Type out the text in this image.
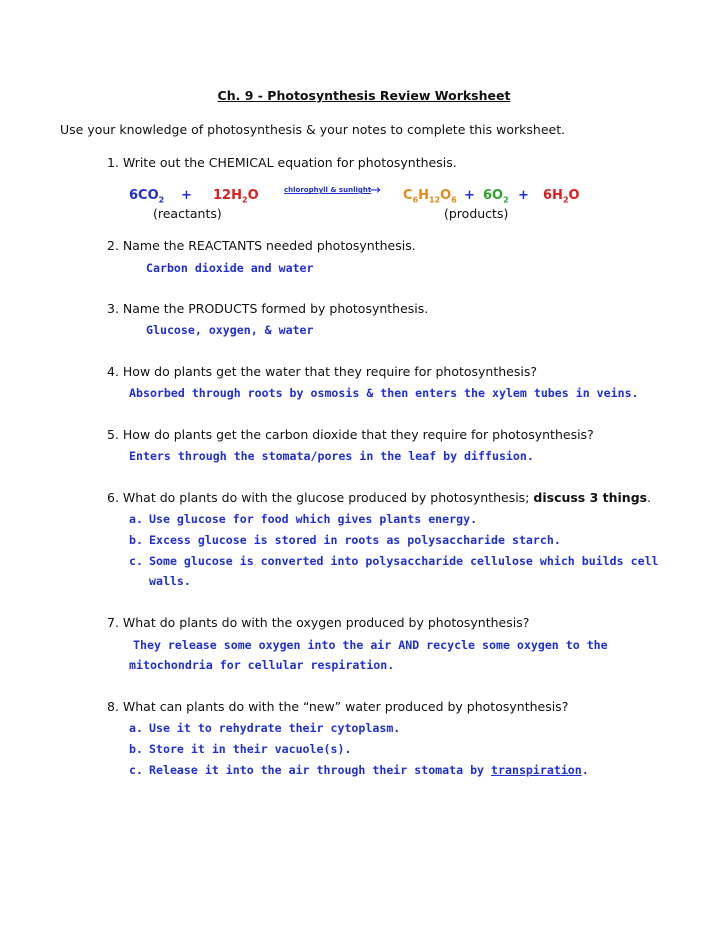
Ch. 9 - Photosynthesis Review Worksheet
Use your knowledge of photosynthesis & your notes to complete this worksheet.
1. Write out the CHEMICAL equation for photosynthesis.
$6CO_2 + 12H_2O$	chlorophyll & sunlight
→ $C_6H_{12}O_6 + 6O_2 + 6H_2O$
(reactants)	(products)
2. Name the REACTANTS needed photosynthesis.
Carbon dioxide and water
3. Name the PRODUCTS formed by photosynthesis.
Glucose, oxygen, & water
4. How do plants get the water that they require for photosynthesis?
Absorbed through roots by osmosis & then enters the xylem tubes in veins.
5. How do plants get the carbon dioxide that they require for photosynthesis?
Enters through the stomata/pores in the leaf by diffusion.
6. What do plants do with the glucose produced by photosynthesis; discuss 3 things.
a. Use glucose for food which gives plants energy.
b. Excess glucose is stored in roots as polysaccharide starch.
c. Some glucose is converted into polysaccharide cellulose which builds cell
walls.
7. What do plants do with the oxygen produced by photosynthesis?
They release some oxygen into the air AND recycle some oxygen to the
mitochondria for cellular respiration.
8. What can plants do with the “new” water produced by photosynthesis?
a. Use it to rehydrate their cytoplasm.
b. Store it in their vacuole(s).
c. Release it into the air through their stomata by transpiration.
